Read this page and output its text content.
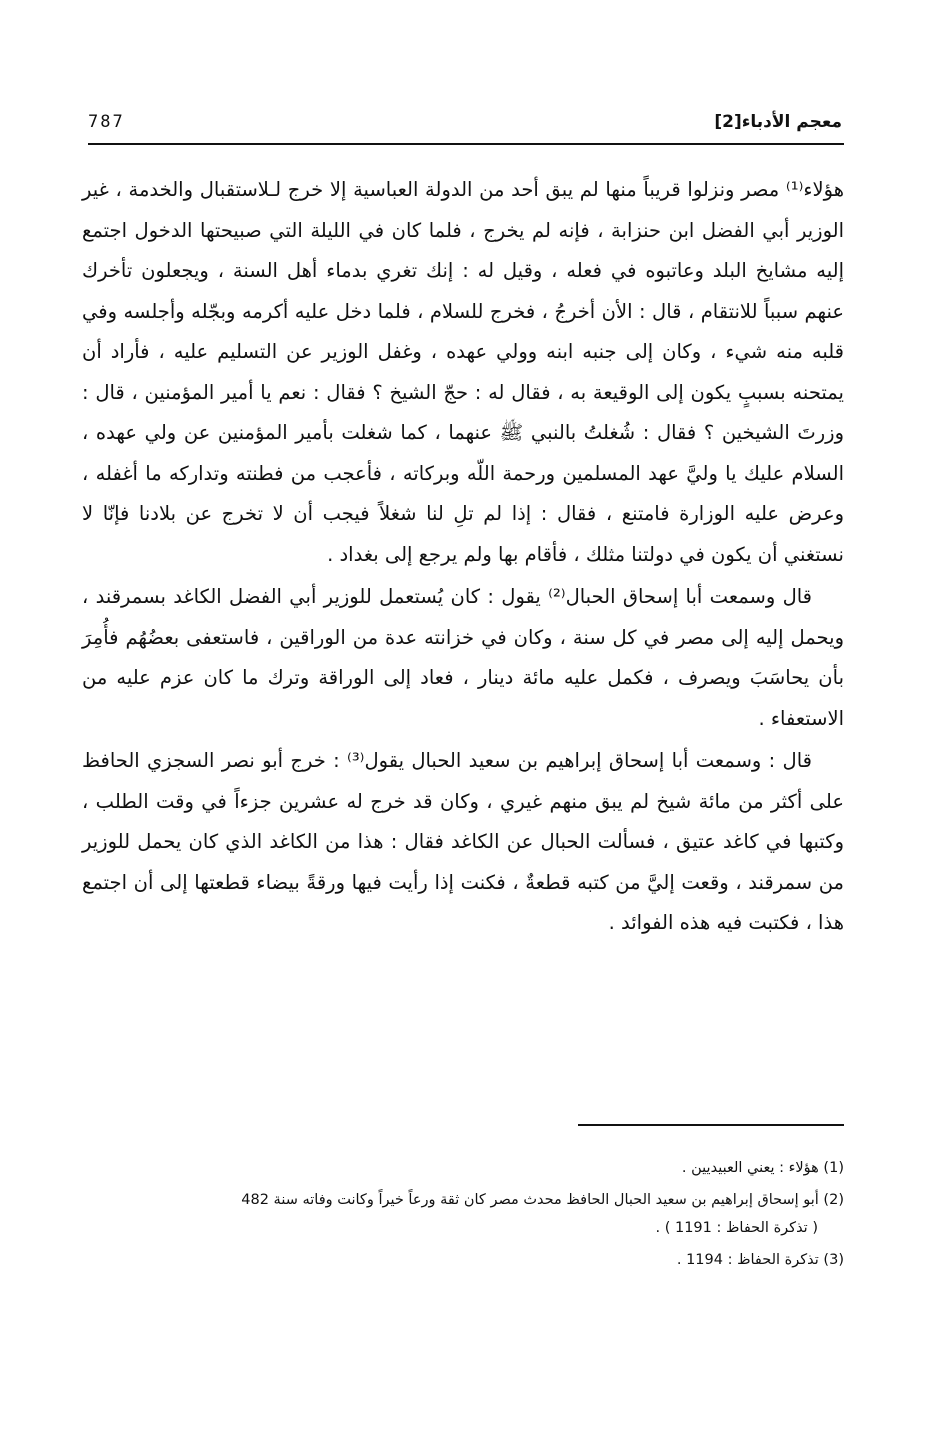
معجم الأدباء[2]
787

هؤلاء⁽¹⁾ مصر ونزلوا قريباً منها لم يبق أحد من الدولة العباسية إلا خرج لـلاستقبال والخدمة ، غير الوزير أبي الفضل ابن حنزابة ، فإنه لم يخرج ، فلما كان في الليلة التي صبيحتها الدخول اجتمع إليه مشايخ البلد وعاتبوه في فعله ، وقيل له : إنك تغري بدماء أهل السنة ، ويجعلون تأخرك عنهم سبباً للانتقام ، قال : الأن أخرجُ ، فخرج للسلام ، فلما دخل عليه أكرمه وبجّله وأجلسه وفي قلبه منه شيء ، وكان إلى جنبه ابنه وولي عهده ، وغفل الوزير عن التسليم عليه ، فأراد أن يمتحنه بسببٍ يكون إلى الوقيعة به ، فقال له : حجّ الشيخ ؟ فقال : نعم يا أمير المؤمنين ، قال : وزرتَ الشيخين ؟ فقال : شُغلتُ بالنبي ﷺ عنهما ، كما شغلت بأمير المؤمنين عن ولي عهده ، السلام عليك يا وليَّ عهد المسلمين ورحمة اللّه وبركاته ، فأعجب من فطنته وتداركه ما أغفله ، وعرض عليه الوزارة فامتنع ، فقال : إذا لم تلِ لنا شغلاً فيجب أن لا تخرج عن بلادنا فإنّا لا نستغني أن يكون في دولتنا مثلك ، فأقام بها ولم يرجع إلى بغداد .

قال وسمعت أبا إسحاق الحبال⁽²⁾ يقول : كان يُستعمل للوزير أبي الفضل الكاغد بسمرقند ، ويحمل إليه إلى مصر في كل سنة ، وكان في خزانته عدة من الوراقين ، فاستعفى بعضُهُم فأُمِرَ بأن يحاسَبَ ويصرف ، فكمل عليه مائة دينار ، فعاد إلى الوراقة وترك ما كان عزم عليه من الاستعفاء .

قال : وسمعت أبا إسحاق إبراهيم بن سعيد الحبال يقول⁽³⁾ : خرج أبو نصر السجزي الحافظ على أكثر من مائة شيخ لم يبق منهم غيري ، وكان قد خرج له عشرين جزءاً في وقت الطلب ، وكتبها في كاغد عتيق ، فسألت الحبال عن الكاغد فقال : هذا من الكاغد الذي كان يحمل للوزير من سمرقند ، وقعت إليَّ من كتبه قطعةٌ ، فكنت إذا رأيت فيها ورقةً بيضاء قطعتها إلى أن اجتمع هذا ، فكتبت فيه هذه الفوائد .

(1) هؤلاء : يعني العبيديين .

(2) أبو إسحاق إبراهيم بن سعيد الحبال الحافظ محدث مصر كان ثقة ورعاً خيراً وكانت وفاته سنة 482

( تذكرة الحفاظ : 1191 ) .

(3) تذكرة الحفاظ : 1194 .
